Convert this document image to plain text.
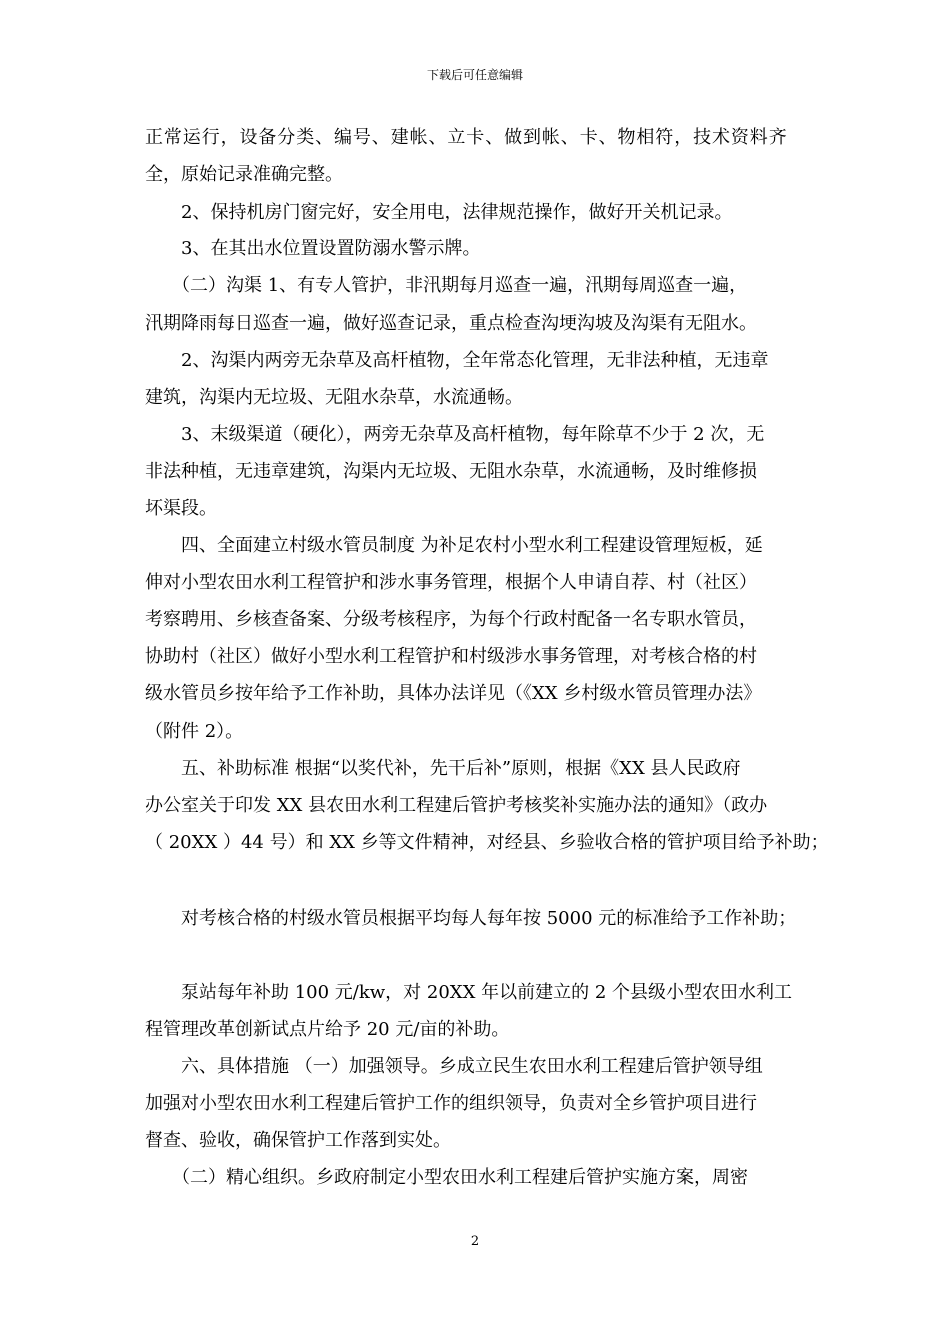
下载后可任意编辑
正常运行，设备分类、编号、建帐、立卡、做到帐、卡、物相符，技术资料齐
全，原始记录准确完整。
　　2、保持机房门窗完好，安全用电，法律规范操作，做好开关机记录。
　　3、在其出水位置设置防溺水警示牌。
　　（二）沟渠 1、有专人管护，非汛期每月巡查一遍，汛期每周巡查一遍，
汛期降雨每日巡查一遍，做好巡查记录，重点检查沟埂沟坡及沟渠有无阻水。
　　2、沟渠内两旁无杂草及高杆植物，全年常态化管理，无非法种植，无违章
建筑，沟渠内无垃圾、无阻水杂草，水流通畅。
　　3、末级渠道（硬化），两旁无杂草及高杆植物，每年除草不少于 2 次，无
非法种植，无违章建筑，沟渠内无垃圾、无阻水杂草，水流通畅，及时维修损
坏渠段。
　　四、全面建立村级水管员制度 为补足农村小型水利工程建设管理短板，延
伸对小型农田水利工程管护和涉水事务管理，根据个人申请自荐、村（社区）
考察聘用、乡核查备案、分级考核程序，为每个行政村配备一名专职水管员，
协助村（社区）做好小型水利工程管护和村级涉水事务管理，对考核合格的村
级水管员乡按年给予工作补助，具体办法详见（《XX 乡村级水管员管理办法》
（附件 2）。
　　五、补助标准 根据“以奖代补，先干后补”原则，根据《XX 县人民政府
办公室关于印发 XX 县农田水利工程建后管护考核奖补实施办法的通知》（政办
（ 20XX ）44 号）和 XX 乡等文件精神，对经县、乡验收合格的管护项目给予补助；
　　对考核合格的村级水管员根据平均每人每年按 5000 元的标准给予工作补助；
　　泵站每年补助 100 元/kw，对 20XX 年以前建立的 2 个县级小型农田水利工
程管理改革创新试点片给予 20 元/亩的补助。
　　六、具体措施 （一）加强领导。乡成立民生农田水利工程建后管护领导组
加强对小型农田水利工程建后管护工作的组织领导，负责对全乡管护项目进行
督查、验收，确保管护工作落到实处。
　　（二）精心组织。乡政府制定小型农田水利工程建后管护实施方案，周密
2
